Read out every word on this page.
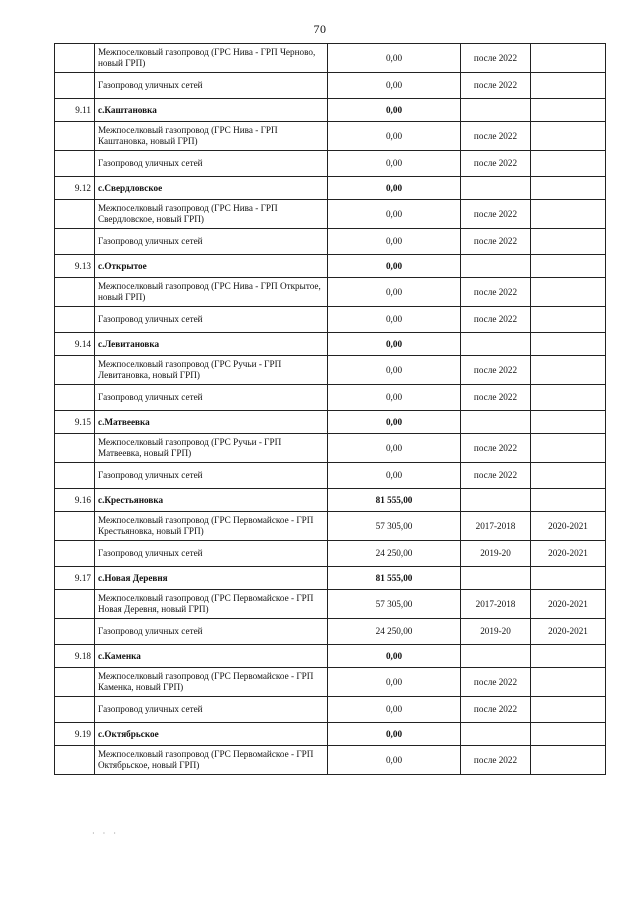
70
	Межпоселковый газопровод (ГРС Нива - ГРП Черново, новый ГРП)	0,00	после 2022	
	Газопровод уличных сетей	0,00	после 2022	
9.11	с.Каштановка	0,00		
	Межпоселковый газопровод (ГРС Нива - ГРП Каштановка, новый ГРП)	0,00	после 2022	
	Газопровод уличных сетей	0,00	после 2022	
9.12	с.Свердловское	0,00		
	Межпоселковый газопровод (ГРС Нива - ГРП Свердловское, новый ГРП)	0,00	после 2022	
	Газопровод уличных сетей	0,00	после 2022	
9.13	с.Открытое	0,00		
	Межпоселковый газопровод (ГРС Нива - ГРП Открытое, новый ГРП)	0,00	после 2022	
	Газопровод уличных сетей	0,00	после 2022	
9.14	с.Левитановка	0,00		
	Межпоселковый газопровод (ГРС Ручьи - ГРП Левитановка, новый ГРП)	0,00	после 2022	
	Газопровод уличных сетей	0,00	после 2022	
9.15	с.Матвеевка	0,00		
	Межпоселковый газопровод (ГРС Ручьи - ГРП Матвеевка, новый ГРП)	0,00	после 2022	
	Газопровод уличных сетей	0,00	после 2022	
9.16	с.Крестьяновка	81 555,00		
	Межпоселковый газопровод (ГРС Первомайское - ГРП Крестьяновка, новый ГРП)	57 305,00	2017-2018	2020-2021
	Газопровод уличных сетей	24 250,00	2019-20	2020-2021
9.17	с.Новая Деревня	81 555,00		
	Межпоселковый газопровод (ГРС Первомайское - ГРП Новая Деревня, новый ГРП)	57 305,00	2017-2018	2020-2021
	Газопровод уличных сетей	24 250,00	2019-20	2020-2021
9.18	с.Каменка	0,00		
	Межпоселковый газопровод (ГРС Первомайское - ГРП Каменка, новый ГРП)	0,00	после 2022	
	Газопровод уличных сетей	0,00	после 2022	
9.19	с.Октябрьское	0,00		
	Межпоселковый газопровод (ГРС Первомайское - ГРП Октябрьское, новый ГРП)	0,00	после 2022	
· · ·
